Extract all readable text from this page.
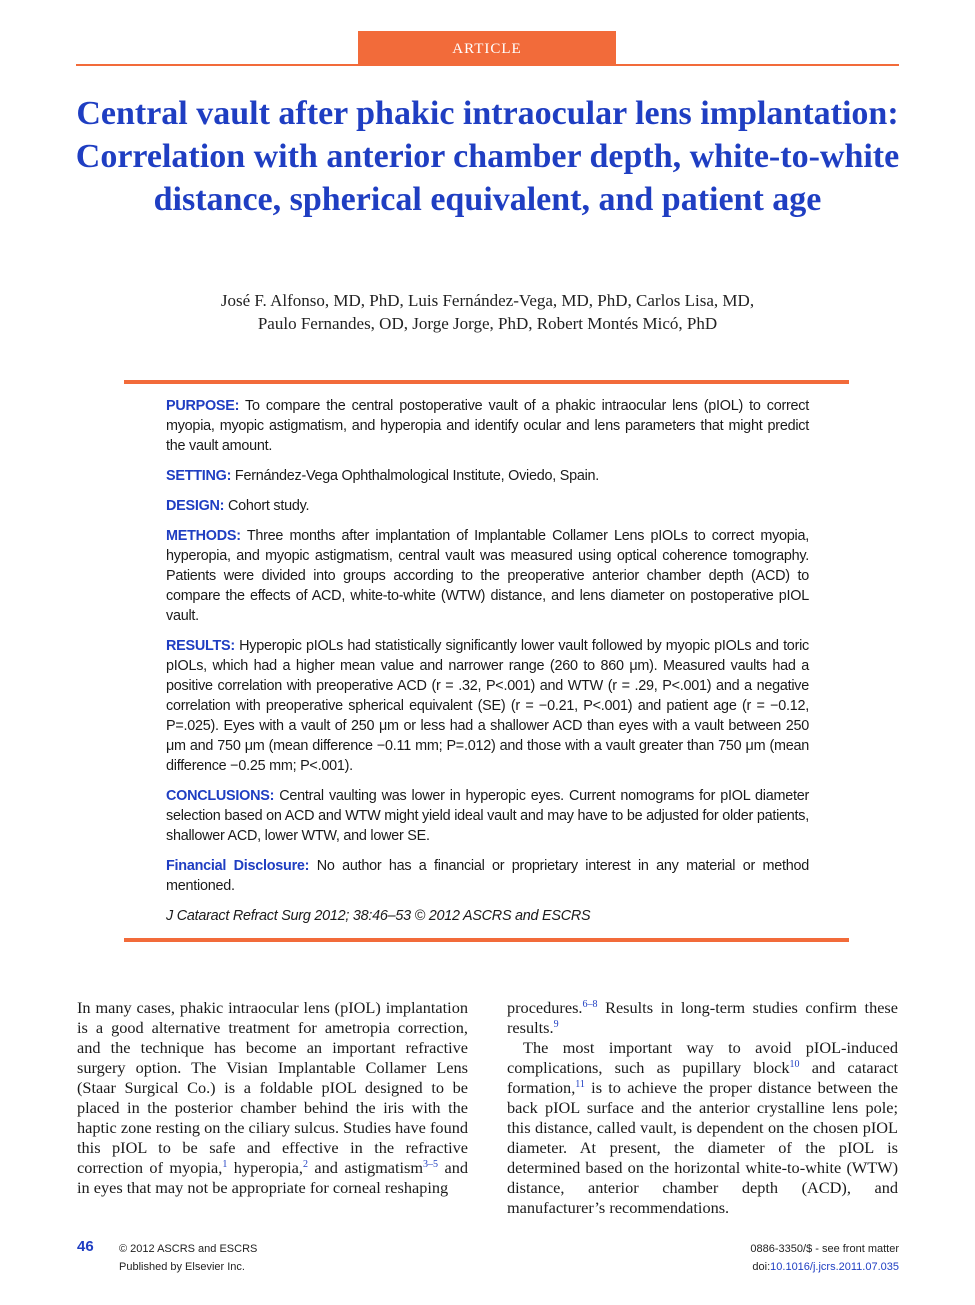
ARTICLE
Central vault after phakic intraocular lens implantation: Correlation with anterior chamber depth, white-to-white distance, spherical equivalent, and patient age
José F. Alfonso, MD, PhD, Luis Fernández-Vega, MD, PhD, Carlos Lisa, MD,
Paulo Fernandes, OD, Jorge Jorge, PhD, Robert Montés Micó, PhD

PURPOSE: To compare the central postoperative vault of a phakic intraocular lens (pIOL) to correct myopia, myopic astigmatism, and hyperopia and identify ocular and lens parameters that might predict the vault amount.

SETTING: Fernández-Vega Ophthalmological Institute, Oviedo, Spain.

DESIGN: Cohort study.

METHODS: Three months after implantation of Implantable Collamer Lens pIOLs to correct myopia, hyperopia, and myopic astigmatism, central vault was measured using optical coherence tomography. Patients were divided into groups according to the preoperative anterior chamber depth (ACD) to compare the effects of ACD, white-to-white (WTW) distance, and lens diameter on postoperative pIOL vault.

RESULTS: Hyperopic pIOLs had statistically significantly lower vault followed by myopic pIOLs and toric pIOLs, which had a higher mean value and narrower range (260 to 860 μm). Measured vaults had a positive correlation with preoperative ACD (r = .32, P<.001) and WTW (r = .29, P<.001) and a negative correlation with preoperative spherical equivalent (SE) (r = −0.21, P<.001) and patient age (r = −0.12, P=.025). Eyes with a vault of 250 μm or less had a shallower ACD than eyes with a vault between 250 μm and 750 μm (mean difference −0.11 mm; P=.012) and those with a vault greater than 750 μm (mean difference −0.25 mm; P<.001).

CONCLUSIONS: Central vaulting was lower in hyperopic eyes. Current nomograms for pIOL diameter selection based on ACD and WTW might yield ideal vault and may have to be adjusted for older patients, shallower ACD, lower WTW, and lower SE.

Financial Disclosure: No author has a financial or proprietary interest in any material or method mentioned.

J Cataract Refract Surg 2012; 38:46–53 © 2012 ASCRS and ESCRS

In many cases, phakic intraocular lens (pIOL) implantation is a good alternative treatment for ametropia correction, and the technique has become an important refractive surgery option. The Visian Implantable Collamer Lens (Staar Surgical Co.) is a foldable pIOL designed to be placed in the posterior chamber behind the iris with the haptic zone resting on the ciliary sulcus. Studies have found this pIOL to be safe and effective in the refractive correction of myopia,$^1$ hyperopia,$^2$ and astigmatism$^{3-5}$ and in eyes that may not be appropriate for corneal reshaping

procedures.$^{6-8}$ Results in long-term studies confirm these results.$^9$

The most important way to avoid pIOL-induced complications, such as pupillary block$^{10}$ and cataract formation,$^{11}$ is to achieve the proper distance between the back pIOL surface and the anterior crystalline lens pole; this distance, called vault, is dependent on the chosen pIOL diameter. At present, the diameter of the pIOL is determined based on the horizontal white-to-white (WTW) distance, anterior chamber depth (ACD), and manufacturer’s recommendations.

46 © 2012 ASCRS and ESCRS
Published by Elsevier Inc.
0886-3350/$ - see front matter
doi:10.1016/j.jcrs.2011.07.035
